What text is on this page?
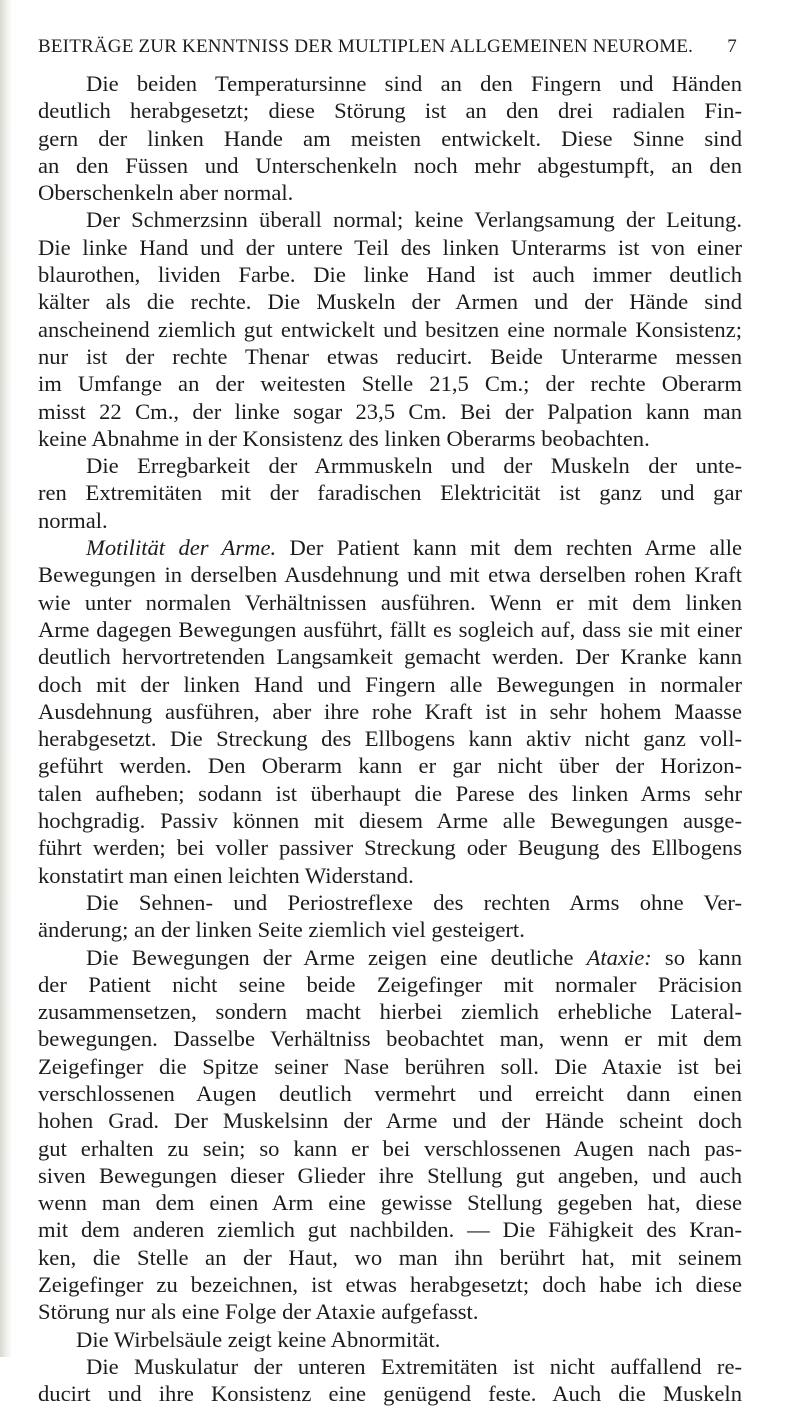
BEITRÄGE ZUR KENNTNISS DER MULTIPLEN ALLGEMEINEN NEUROME. 7
Die beiden Temperatursinne sind an den Fingern und Händen
deutlich herabgesetzt; diese Störung ist an den drei radialen Fin-
gern der linken Hande am meisten entwickelt. Diese Sinne sind
an den Füssen und Unterschenkeln noch mehr abgestumpft, an den
Oberschenkeln aber normal.
Der Schmerzsinn überall normal; keine Verlangsamung der Leitung.
Die linke Hand und der untere Teil des linken Unterarms ist von einer
blaurothen, lividen Farbe. Die linke Hand ist auch immer deutlich
kälter als die rechte. Die Muskeln der Armen und der Hände sind
anscheinend ziemlich gut entwickelt und besitzen eine normale Konsistenz;
nur ist der rechte Thenar etwas reducirt. Beide Unterarme messen
im Umfange an der weitesten Stelle 21,5 Cm.; der rechte Oberarm
misst 22 Cm., der linke sogar 23,5 Cm. Bei der Palpation kann man
keine Abnahme in der Konsistenz des linken Oberarms beobachten.
Die Erregbarkeit der Armmuskeln und der Muskeln der unte-
ren Extremitäten mit der faradischen Elektricität ist ganz und gar
normal.
Motilität der Arme. Der Patient kann mit dem rechten Arme alle
Bewegungen in derselben Ausdehnung und mit etwa derselben rohen Kraft
wie unter normalen Verhältnissen ausführen. Wenn er mit dem linken
Arme dagegen Bewegungen ausführt, fällt es sogleich auf, dass sie mit einer
deutlich hervortretenden Langsamkeit gemacht werden. Der Kranke kann
doch mit der linken Hand und Fingern alle Bewegungen in normaler
Ausdehnung ausführen, aber ihre rohe Kraft ist in sehr hohem Maasse
herabgesetzt. Die Streckung des Ellbogens kann aktiv nicht ganz voll-
geführt werden. Den Oberarm kann er gar nicht über der Horizon-
talen aufheben; sodann ist überhaupt die Parese des linken Arms sehr
hochgradig. Passiv können mit diesem Arme alle Bewegungen ausge-
führt werden; bei voller passiver Streckung oder Beugung des Ellbogens
konstatirt man einen leichten Widerstand.
Die Sehnen- und Periostreflexe des rechten Arms ohne Ver-
änderung; an der linken Seite ziemlich viel gesteigert.
Die Bewegungen der Arme zeigen eine deutliche Ataxie: so kann
der Patient nicht seine beide Zeigefinger mit normaler Präcision
zusammensetzen, sondern macht hierbei ziemlich erhebliche Lateral-
bewegungen. Dasselbe Verhältniss beobachtet man, wenn er mit dem
Zeigefinger die Spitze seiner Nase berühren soll. Die Ataxie ist bei
verschlossenen Augen deutlich vermehrt und erreicht dann einen
hohen Grad. Der Muskelsinn der Arme und der Hände scheint doch
gut erhalten zu sein; so kann er bei verschlossenen Augen nach pas-
siven Bewegungen dieser Glieder ihre Stellung gut angeben, und auch
wenn man dem einen Arm eine gewisse Stellung gegeben hat, diese
mit dem anderen ziemlich gut nachbilden. — Die Fähigkeit des Kran-
ken, die Stelle an der Haut, wo man ihn berührt hat, mit seinem
Zeigefinger zu bezeichnen, ist etwas herabgesetzt; doch habe ich diese
Störung nur als eine Folge der Ataxie aufgefasst.
Die Wirbelsäule zeigt keine Abnormität.
Die Muskulatur der unteren Extremitäten ist nicht auffallend re-
ducirt und ihre Konsistenz eine genügend feste. Auch die Muskeln
